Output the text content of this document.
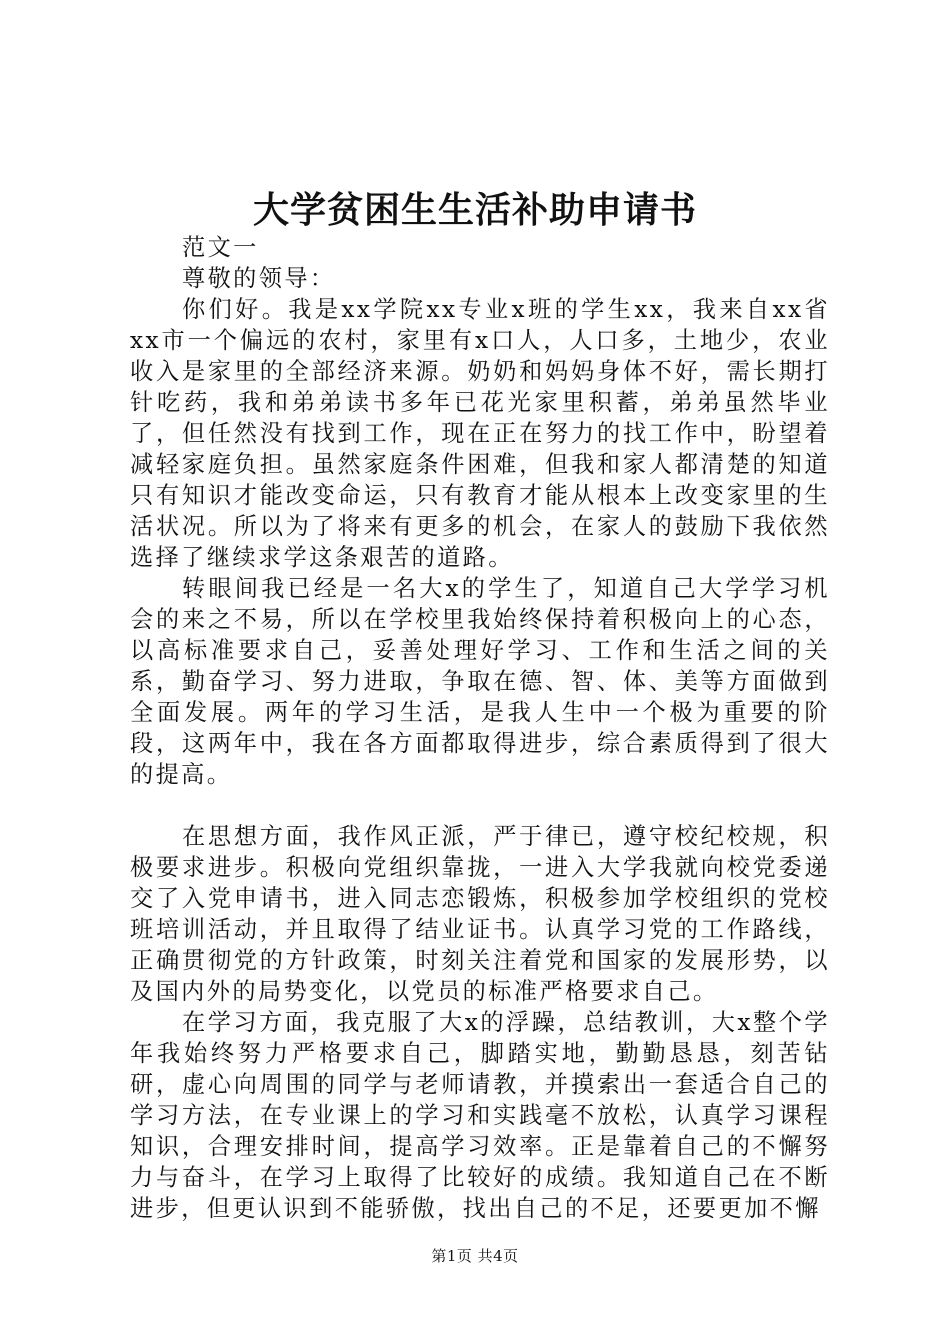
大学贫困生生活补助申请书

范文一

尊敬的领导：

你们好。我是xx学院xx专业x班的学生xx，我来自xx省xx市一个偏远的农村，家里有x口人，人口多，土地少，农业收入是家里的全部经济来源。奶奶和妈妈身体不好，需长期打针吃药，我和弟弟读书多年已花光家里积蓄，弟弟虽然毕业了，但任然没有找到工作，现在正在努力的找工作中，盼望着减轻家庭负担。虽然家庭条件困难，但我和家人都清楚的知道只有知识才能改变命运，只有教育才能从根本上改变家里的生活状况。所以为了将来有更多的机会，在家人的鼓励下我依然选择了继续求学这条艰苦的道路。

转眼间我已经是一名大x的学生了，知道自己大学学习机会的来之不易，所以在学校里我始终保持着积极向上的心态，以高标准要求自己，妥善处理好学习、工作和生活之间的关系，勤奋学习、努力进取，争取在德、智、体、美等方面做到全面发展。两年的学习生活，是我人生中一个极为重要的阶段，这两年中，我在各方面都取得进步，综合素质得到了很大的提高。

在思想方面，我作风正派，严于律已，遵守校纪校规，积极要求进步。积极向党组织靠拢，一进入大学我就向校党委递交了入党申请书，进入同志恋锻炼，积极参加学校组织的党校班培训活动，并且取得了结业证书。认真学习党的工作路线，正确贯彻党的方针政策，时刻关注着党和国家的发展形势，以及国内外的局势变化，以党员的标准严格要求自己。

在学习方面，我克服了大x的浮躁，总结教训，大x整个学年我始终努力严格要求自己，脚踏实地，勤勤恳恳，刻苦钻研，虚心向周围的同学与老师请教，并摸索出一套适合自己的学习方法，在专业课上的学习和实践毫不放松，认真学习课程知识，合理安排时间，提高学习效率。正是靠着自己的不懈努力与奋斗，在学习上取得了比较好的成绩。我知道自己在不断进步，但更认识到不能骄傲，找出自己的不足，还要更加不懈

第1页 共4页
